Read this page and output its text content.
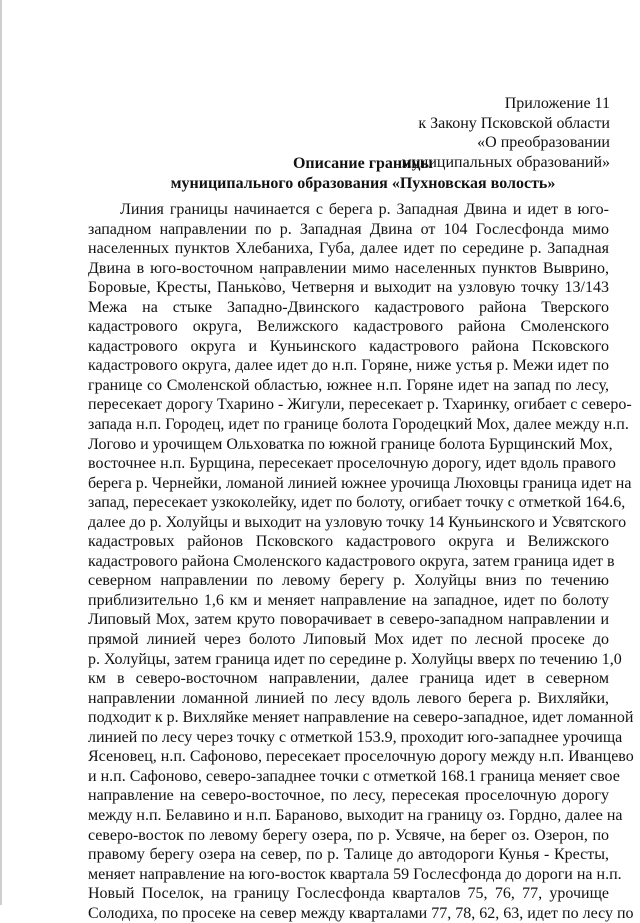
Приложение 11
к Закону Псковской области
«О преобразовании
муниципальных образований»
Описание границы
муниципального образования «Пухновская волость»
Линия границы начинается с берега р. Западная Двина и идет в юго-
западном направлении по р. Западная Двина от 104 Гослесфонда мимо
населенных пунктов Хлебаниха, Губа, далее идет по середине р. Западная
Двина в юго-восточном направлении мимо населенных пунктов Выврино,
Боровые, Кресты, Панько̀во, Четверня и выходит на узловую точку 13/143
Межа на стыке Западно-Двинского кадастрового района Тверского
кадастрового округа, Велижского кадастрового района Смоленского
кадастрового округа и Куньинского кадастрового района Псковского
кадастрового округа, далее идет до н.п. Горяне, ниже устья р. Межи идет по
границе со Смоленской областью, южнее н.п. Горяне идет на запад по лесу,
пересекает дорогу Тхарино - Жигули, пересекает р. Тхаринку, огибает с северо-
запада н.п. Городец, идет по границе болота Городецкий Мох, далее между н.п.
Логово и урочищем Ольховатка по южной границе болота Бурщинский Мох,
восточнее н.п. Бурщина, пересекает проселочную дорогу, идет вдоль правого
берега р. Чернейки, ломаной линией южнее урочища Люховцы граница идет на
запад, пересекает узкоколейку, идет по болоту, огибает точку с отметкой 164.6,
далее до р. Холуйцы и выходит на узловую точку 14 Куньинского и Усвятского
кадастровых районов Псковского кадастрового округа и Велижского
кадастрового района Смоленского кадастрового округа, затем граница идет в
северном направлении по левому берегу р. Холуйцы вниз по течению
приблизительно 1,6 км и меняет направление на западное, идет по болоту
Липовый Мох, затем круто поворачивает в северо-западном направлении и
прямой линией через болото Липовый Мох идет по лесной просеке до
р. Холуйцы, затем граница идет по середине р. Холуйцы вверх по течению 1,0
км в северо-восточном направлении, далее граница идет в северном
направлении ломанной линией по лесу вдоль левого берега р. Вихляйки,
подходит к р. Вихляйке меняет направление на северо-западное, идет ломанной
линией по лесу через точку с отметкой 153.9, проходит юго-западнее урочища
Ясеновец, н.п. Сафоново, пересекает проселочную дорогу между н.п. Иванцево
и н.п. Сафоново, северо-западнее точки с отметкой 168.1 граница меняет свое
направление на северо-восточное, по лесу, пересекая проселочную дорогу
между н.п. Белавино и н.п. Бараново, выходит на границу оз. Гордно, далее на
северо-восток по левому берегу озера, по р. Усвяче, на берег оз. Озерон, по
правому берегу озера на север, по р. Талице до автодороги Кунья - Кресты,
меняет направление на юго-восток квартала 59 Гослесфонда до дороги на н.п.
Новый Поселок, на границу Гослесфонда кварталов 75, 76, 77, урочище
Солодиха, по просеке на север между кварталами 77, 78, 62, 63, идет по лесу по
